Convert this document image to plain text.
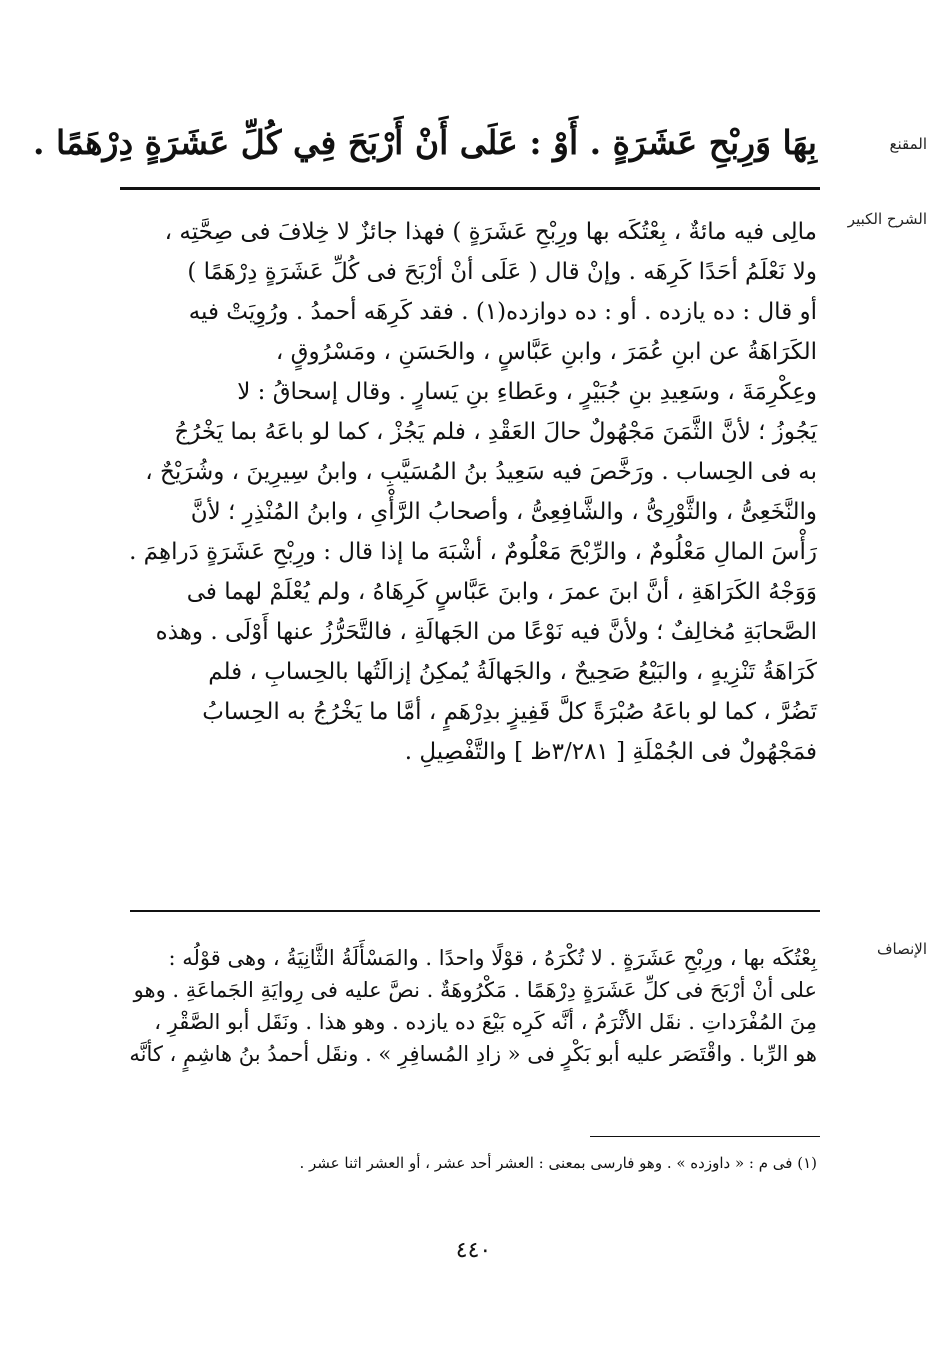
المقنع
بِهَا وَرِبْحِ عَشَرَةٍ . أَوْ : عَلَى أَنْ أَرْبَحَ فِي كُلِّ عَشَرَةٍ دِرْهَمًا .
الشرح الكبير
مالِى فيه مائةٌ ، بِعْتُكَه بها ورِبْحِ عَشَرَةٍ ) فهذا جائزٌ لا خِلافَ فى صِحَّتِه ،
ولا نَعْلَمُ أحَدًا كَرِهَه . وإنْ قال ( عَلَى أنْ أرْبَحَ فى كُلِّ عَشَرَةٍ دِرْهَمًا )
أو قال : ده يازده . أو : ده دوازده(١) . فقد كَرِهَه أحمدُ . ورُوِيَتْ فيه
الكَرَاهَةُ عن ابنِ عُمَرَ ، وابنِ عَبَّاسٍ ، والحَسَنِ ، ومَسْرُوقٍ ،
وعِكْرِمَةَ ، وسَعِيدِ بنِ جُبَيْرٍ ، وعَطاءِ بنِ يَسارٍ . وقال إسحاقُ : لا
يَجُوزُ ؛ لأنَّ الثَّمَنَ مَجْهُولٌ حالَ العَقْدِ ، فلم يَجُزْ ، كما لو باعَهُ بما يَخْرُجُ
به فى الحِساب . ورَخَّصَ فيه سَعِيدُ بنُ المُسَيَّبِ ، وابنُ سِيرِينَ ، وشُرَيْحٌ ،
والنَّخَعِىُّ ، والثَّوْرِىُّ ، والشَّافِعِىُّ ، وأصحابُ الرَّأْىِ ، وابنُ المُنْذِرِ ؛ لأنَّ
رَأْسَ المالِ مَعْلُومٌ ، والرِّبْحَ مَعْلُومٌ ، أشْبَهَ ما إذا قال : ورِبْحِ عَشَرَةٍ دَراهِمَ .
وَوَجْهُ الكَرَاهَةِ ، أنَّ ابنَ عمرَ ، وابنَ عَبَّاسٍ كَرِهَاهُ ، ولم يُعْلَمْ لهما فى
الصَّحابَةِ مُخالِفٌ ؛ ولأنَّ فيه نَوْعًا من الجَهالَةِ ، فالتَّحَرُّزُ عنها أَوْلَى . وهذه
كَرَاهَةُ تَنْزِيهٍ ، والبَيْعُ صَحِيحٌ ، والجَهالَةُ يُمكِنُ إزالَتُها بالحِسابِ ، فلم
تَضُرَّ ، كما لو باعَهُ صُبْرَةً كلَّ قَفِيزٍ بدِرْهَمٍ ، أمَّا ما يَخْرُجُ به الحِسابُ
فمَجْهُولٌ فى الجُمْلَةِ [ ٣/٢٨١ظ ] والتَّفْصِيلِ .
الإنصاف
بِعْتُكَه بها ، ورِبْحِ عَشَرَةٍ . لا تُكْرَهُ ، قوْلًا واحدًا . والمَسْأَلَةُ الثَّانِيَةُ ، وهى قوْلُه :
على أنْ أرْبَحَ فى كلِّ عَشَرَةٍ دِرْهَمًا . مَكْرُوهَةٌ . نصَّ عليه فى رِوايَةِ الجَماعَةِ . وهو
مِنَ المُفْرَداتِ . نقَل الأثْرَمُ ، أنَّه كَرِه بَيْعَ ده يازده . وهو هذا . ونَقَل أبو الصَّقْرِ ،
هو الرِّبا . واقْتَصَر عليه أبو بَكْرٍ فى « زادِ المُسافِرِ » . ونقَل أحمدُ بنُ هاشِمٍ ، كأنَّه
(١) فى م : « داوزده » . وهو فارسى بمعنى : العشر أحد عشر ، أو العشر اثنا عشر .
٤٤٠
